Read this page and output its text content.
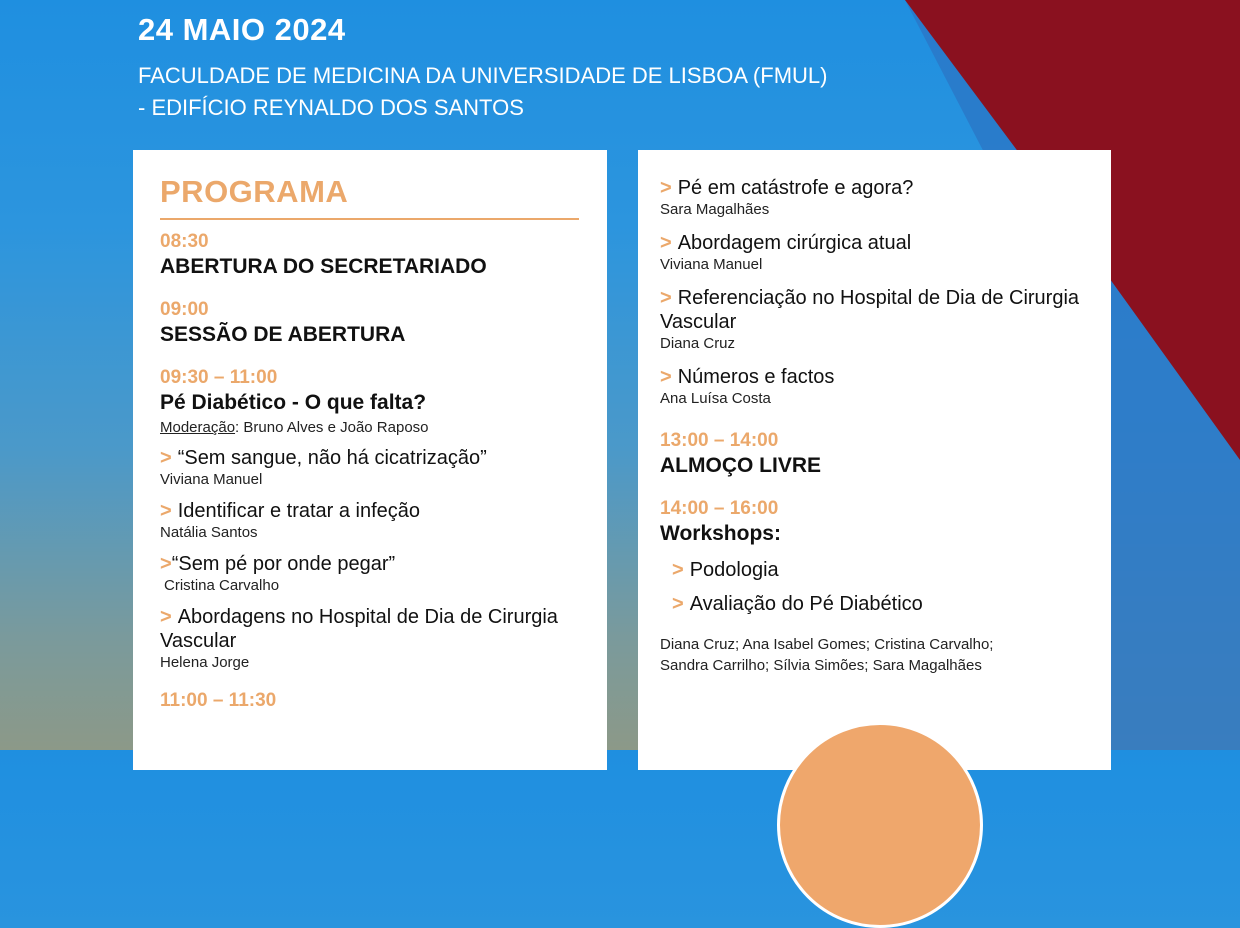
24 MAIO 2024
FACULDADE DE MEDICINA DA UNIVERSIDADE DE LISBOA (FMUL)
- EDIFÍCIO REYNALDO DOS SANTOS
PROGRAMA
08:30
ABERTURA DO SECRETARIADO
09:00
SESSÃO DE ABERTURA
09:30 – 11:00
Pé Diabético - O que falta?
Moderação: Bruno Alves e João Raposo
> “Sem sangue, não há cicatrização”
Viviana Manuel
> Identificar e tratar a infeção
Natália Santos
>“Sem pé por onde pegar”
Cristina Carvalho
> Abordagens no Hospital de Dia de Cirurgia Vascular
Helena Jorge
11:00 – 11:30
> Pé em catástrofe e agora?
Sara Magalhães
> Abordagem cirúrgica atual
Viviana Manuel
> Referenciação no Hospital de Dia de Cirurgia Vascular
Diana Cruz
> Números e factos
Ana Luísa Costa
13:00 – 14:00
ALMOÇO LIVRE
14:00 – 16:00
Workshops:
> Podologia
> Avaliação do Pé Diabético
Diana Cruz; Ana Isabel Gomes; Cristina Carvalho;
Sandra Carrilho; Sílvia Simões; Sara Magalhães
